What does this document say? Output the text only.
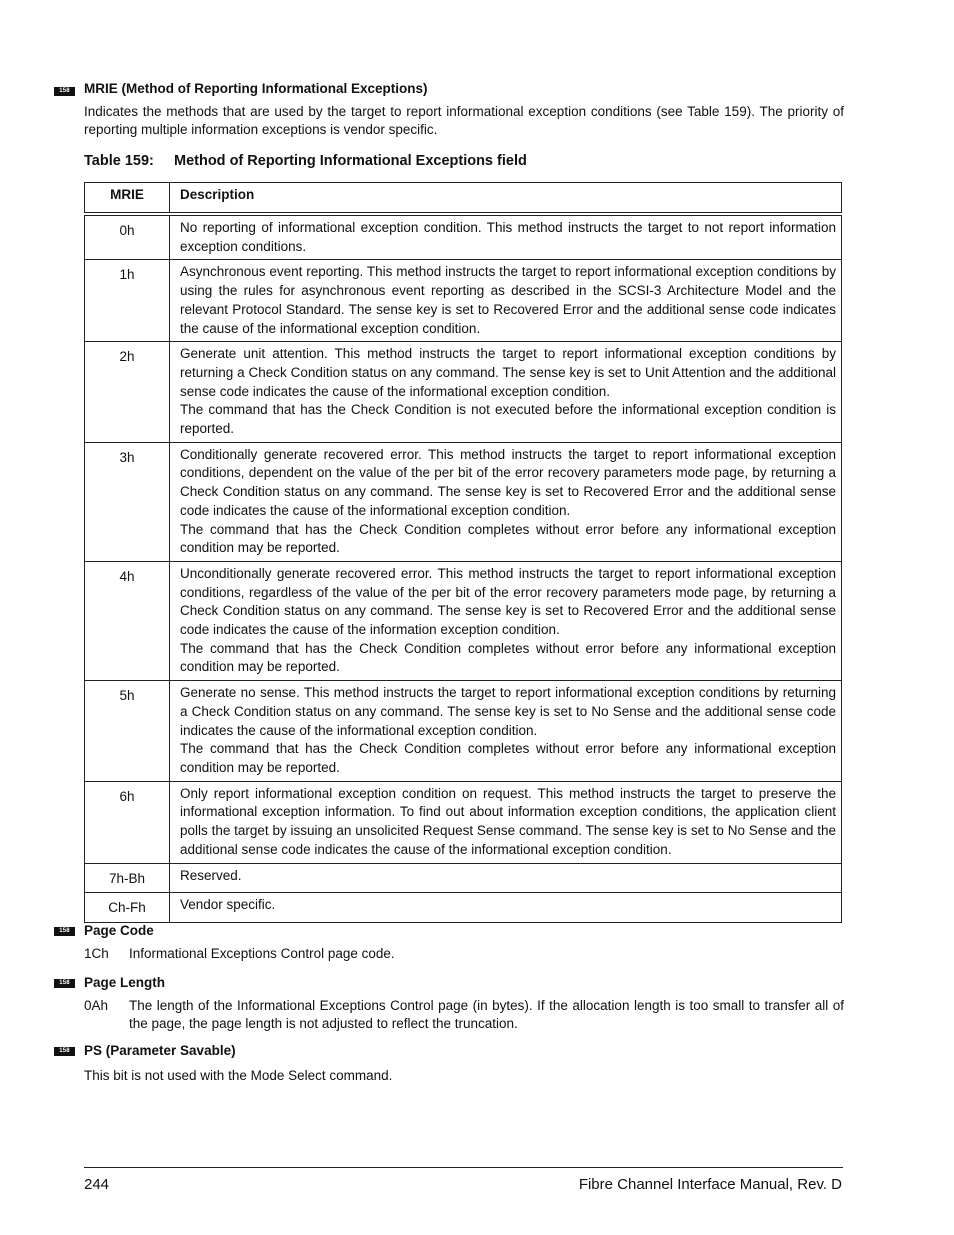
158	MRIE (Method of Reporting Informational Exceptions)
Indicates the methods that are used by the target to report informational exception conditions (see Table 159). The priority of reporting multiple information exceptions is vendor specific.
Table 159: Method of Reporting Informational Exceptions field
MRIE	Description
0h	No reporting of informational exception condition. This method instructs the target to not report information exception conditions.

1h	Asynchronous event reporting. This method instructs the target to report informational exception conditions by using the rules for asynchronous event reporting as described in the SCSI-3 Architecture Model and the relevant Protocol Standard. The sense key is set to Recovered Error and the additional sense code indicates the cause of the informational exception condition.

2h	Generate unit attention. This method instructs the target to report informational exception conditions by returning a Check Condition status on any command. The sense key is set to Unit Attention and the additional sense code indicates the cause of the informational exception condition.

The command that has the Check Condition is not executed before the informational exception condition is reported.

3h	Conditionally generate recovered error. This method instructs the target to report informational exception conditions, dependent on the value of the per bit of the error recovery parameters mode page, by returning a Check Condition status on any command. The sense key is set to Recovered Error and the additional sense code indicates the cause of the informational exception condition.

The command that has the Check Condition completes without error before any informational exception condition may be reported.

4h	Unconditionally generate recovered error. This method instructs the target to report informational exception conditions, regardless of the value of the per bit of the error recovery parameters mode page, by returning a Check Condition status on any command. The sense key is set to Recovered Error and the additional sense code indicates the cause of the information exception condition.

The command that has the Check Condition completes without error before any informational exception condition may be reported.

5h	Generate no sense. This method instructs the target to report informational exception conditions by returning a Check Condition status on any command. The sense key is set to No Sense and the additional sense code indicates the cause of the informational exception condition.

The command that has the Check Condition completes without error before any informational exception condition may be reported.

6h	Only report informational exception condition on request. This method instructs the target to preserve the informational exception information. To find out about information exception conditions, the application client polls the target by issuing an unsolicited Request Sense command. The sense key is set to No Sense and the additional sense code indicates the cause of the informational exception condition.

7h-Bh	Reserved.

Ch-Fh	Vendor specific.

158	Page Code
1Ch Informational Exceptions Control page code.
158	Page Length
0Ah The length of the Informational Exceptions Control page (in bytes). If the allocation length is too small to transfer all of the page, the page length is not adjusted to reflect the truncation.
158	PS (Parameter Savable)
This bit is not used with the Mode Select command.
244	Fibre Channel Interface Manual, Rev. D
